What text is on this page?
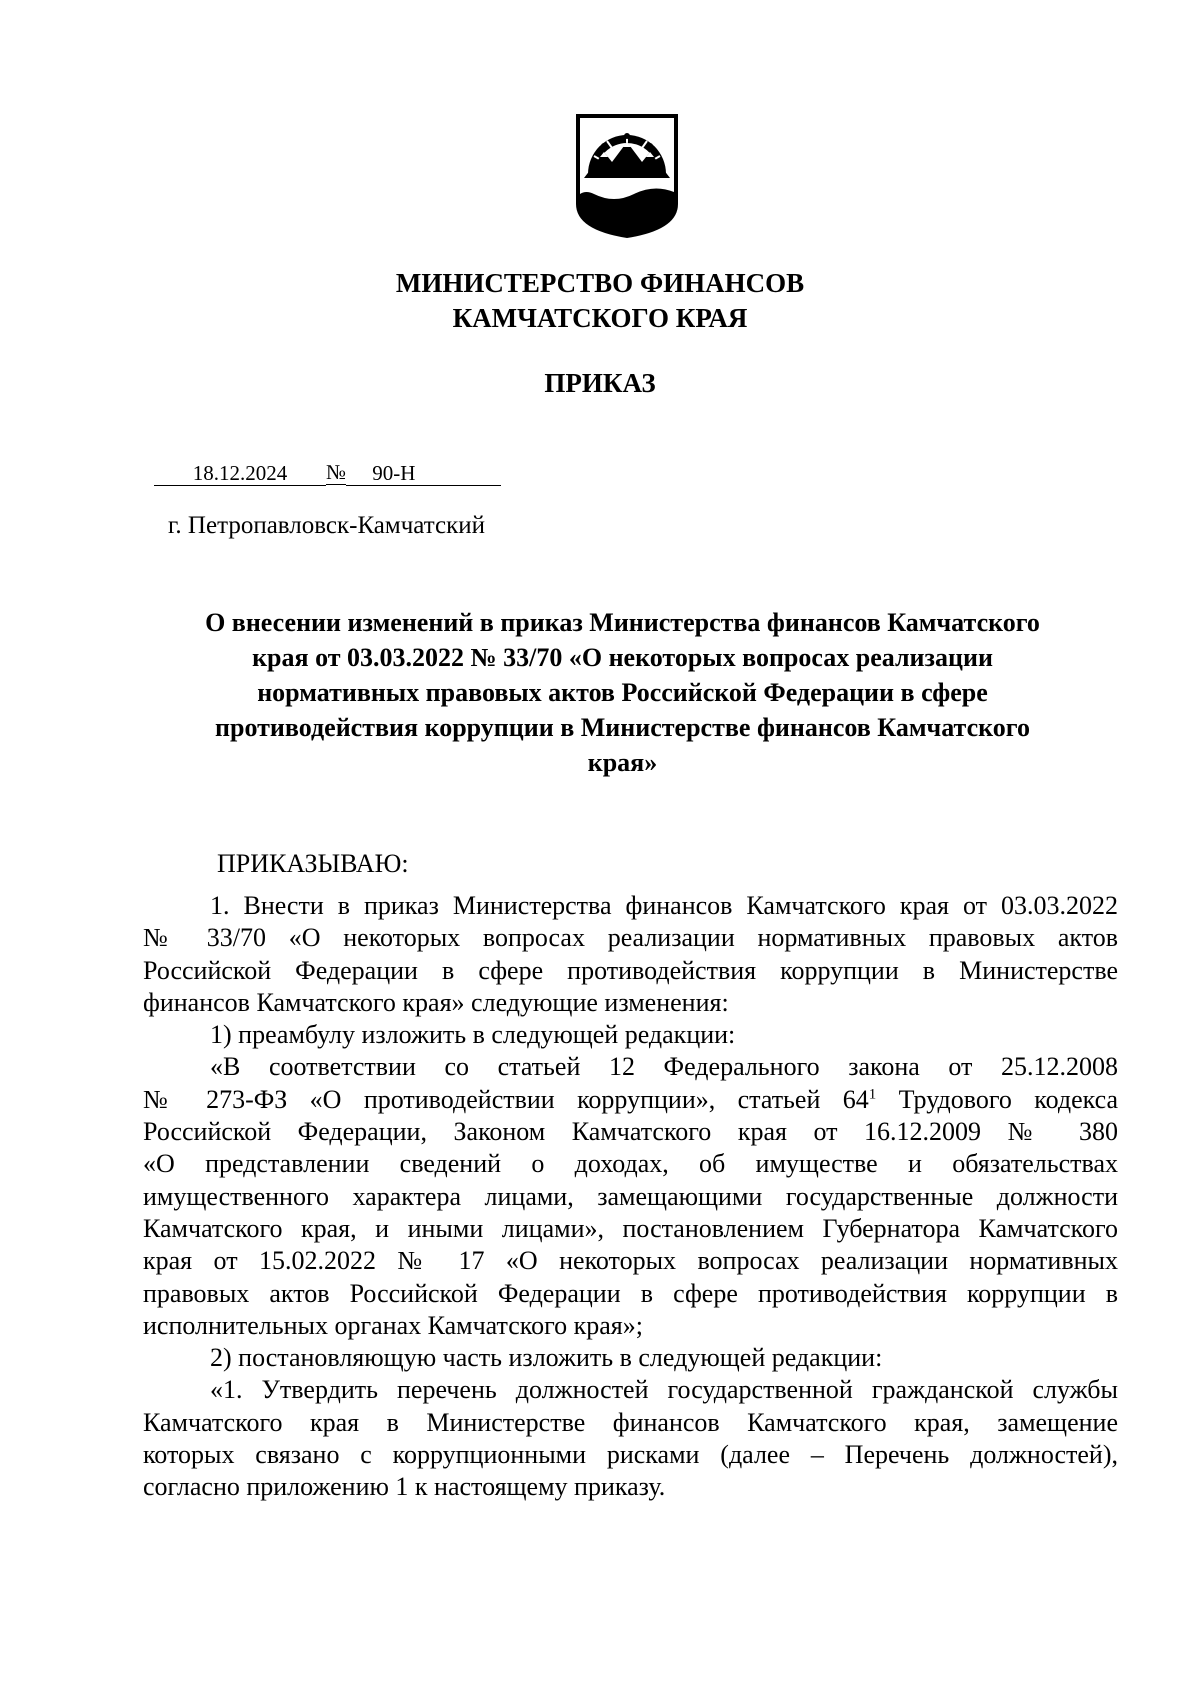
МИНИСТЕРСТВО ФИНАНСОВ
КАМЧАТСКОГО КРАЯ
ПРИКАЗ
18.12.2024 № 90-Н
г. Петропавловск-Камчатский
О внесении изменений в приказ Министерства финансов Камчатского
края от 03.03.2022 № 33/70 «О некоторых вопросах реализации
нормативных правовых актов Российской Федерации в сфере
противодействия коррупции в Министерстве финансов Камчатского
края»
ПРИКАЗЫВАЮ:
1. Внести в приказ Министерства финансов Камчатского края от 03.03.2022
№ 33/70 «О некоторых вопросах реализации нормативных правовых актов
Российской Федерации в сфере противодействия коррупции в Министерстве
финансов Камчатского края» следующие изменения:
1) преамбулу изложить в следующей редакции:
«В соответствии со статьей 12 Федерального закона от 25.12.2008
№ 273-ФЗ «О противодействии коррупции», статьей $64^1$ Трудового кодекса
Российской Федерации, Законом Камчатского края от 16.12.2009 № 380
«О представлении сведений о доходах, об имуществе и обязательствах
имущественного характера лицами, замещающими государственные должности
Камчатского края, и иными лицами», постановлением Губернатора Камчатского
края от 15.02.2022 № 17 «О некоторых вопросах реализации нормативных
правовых актов Российской Федерации в сфере противодействия коррупции в
исполнительных органах Камчатского края»;
2) постановляющую часть изложить в следующей редакции:
«1. Утвердить перечень должностей государственной гражданской службы
Камчатского края в Министерстве финансов Камчатского края, замещение
которых связано с коррупционными рисками (далее – Перечень должностей),
согласно приложению 1 к настоящему приказу.
